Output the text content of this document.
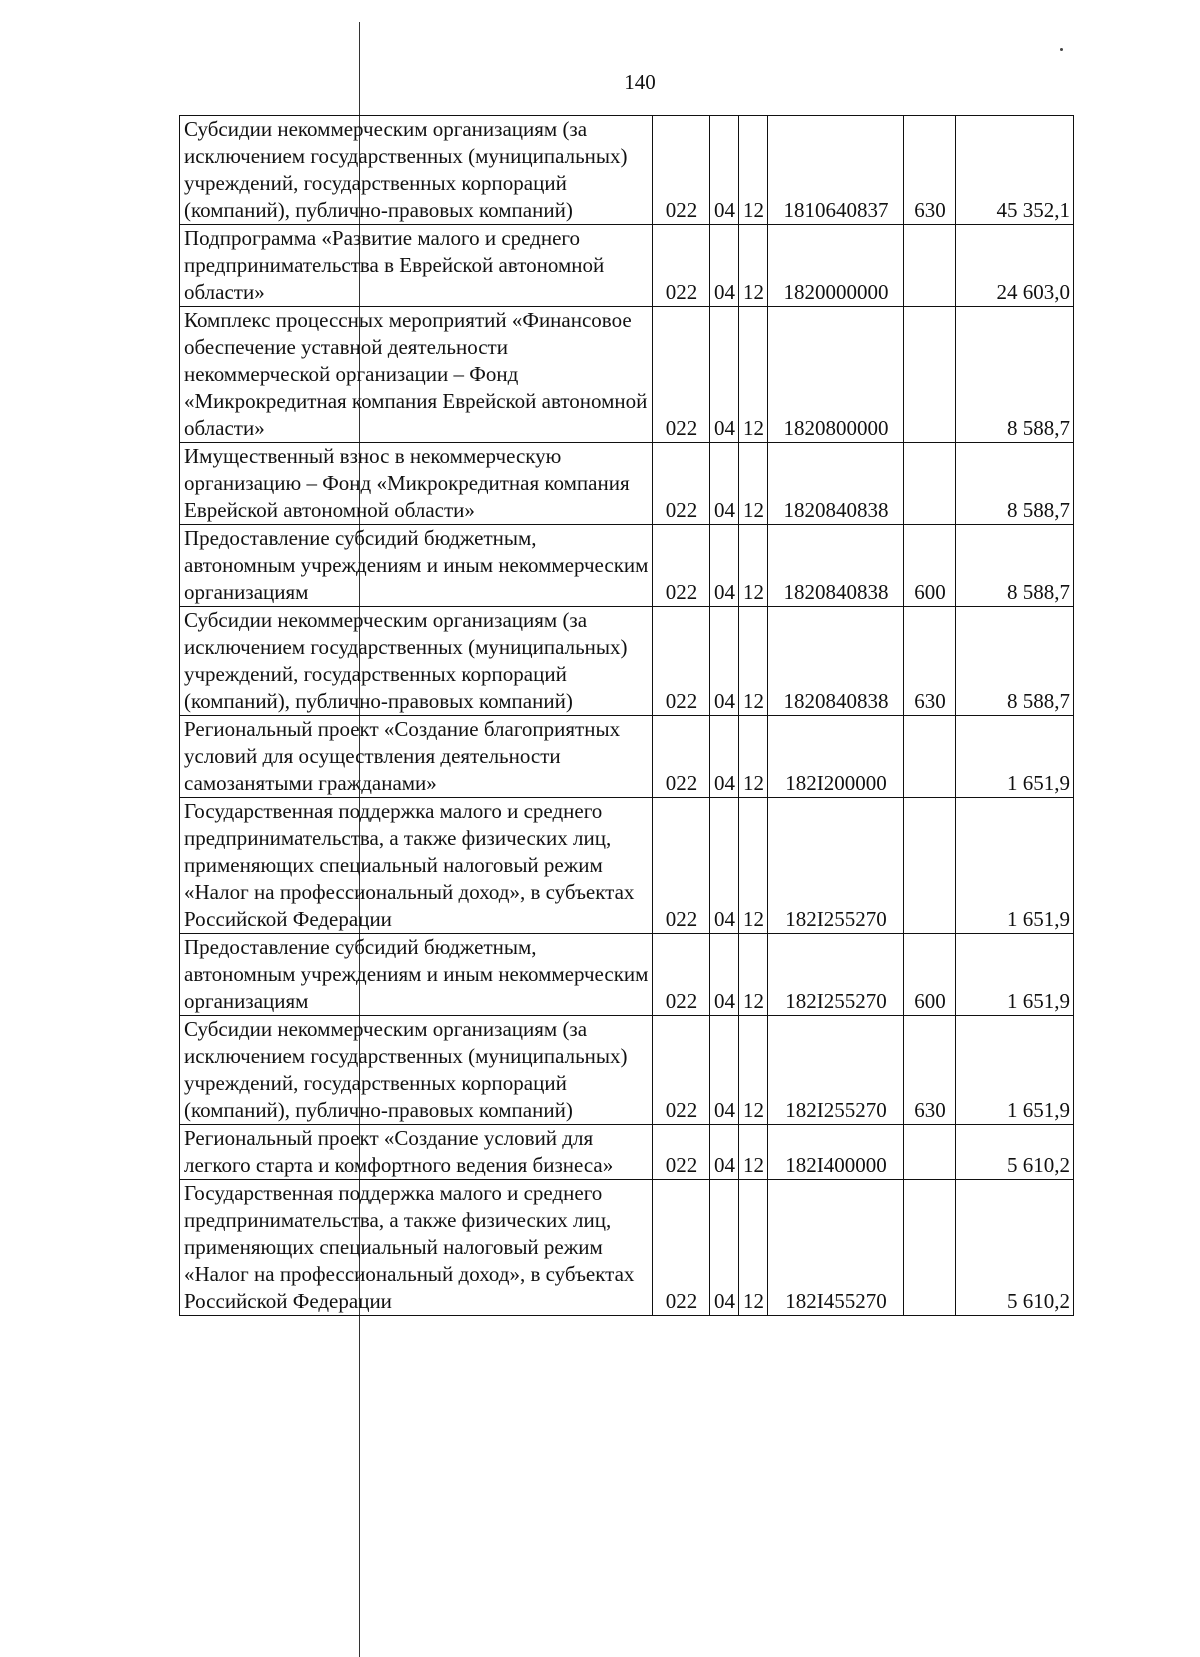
140
Субсидии некоммерческим организациям (за исключением государственных (муниципальных) учреждений, государственных корпораций (компаний), публично-правовых компаний)	022	04	12	1810640837	630	45 352,1
Подпрограмма «Развитие малого и среднего предпринимательства в Еврейской автономной области»	022	04	12	1820000000		24 603,0
Комплекс процессных мероприятий «Финансовое обеспечение уставной деятельности некоммерческой организации – Фонд «Микрокредитная компания Еврейской автономной области»	022	04	12	1820800000		8 588,7
Имущественный взнос в некоммерческую организацию – Фонд «Микрокредитная компания Еврейской автономной области»	022	04	12	1820840838		8 588,7
Предоставление субсидий бюджетным, автономным учреждениям и иным некоммерческим организациям	022	04	12	1820840838	600	8 588,7
Субсидии некоммерческим организациям (за исключением государственных (муниципальных) учреждений, государственных корпораций (компаний), публично-правовых компаний)	022	04	12	1820840838	630	8 588,7
Региональный проект «Создание благоприятных условий для осуществления деятельности самозанятыми гражданами»	022	04	12	182I200000		1 651,9
Государственная поддержка малого и среднего предпринимательства, а также физических лиц, применяющих специальный налоговый режим «Налог на профессиональный доход», в субъектах Российской Федерации	022	04	12	182I255270		1 651,9
Предоставление субсидий бюджетным, автономным учреждениям и иным некоммерческим организациям	022	04	12	182I255270	600	1 651,9
Субсидии некоммерческим организациям (за исключением государственных (муниципальных) учреждений, государственных корпораций (компаний), публично-правовых компаний)	022	04	12	182I255270	630	1 651,9
Региональный проект «Создание условий для легкого старта и комфортного ведения бизнеса»	022	04	12	182I400000		5 610,2
Государственная поддержка малого и среднего предпринимательства, а также физических лиц, применяющих специальный налоговый режим «Налог на профессиональный доход», в субъектах Российской Федерации	022	04	12	182I455270		5 610,2
